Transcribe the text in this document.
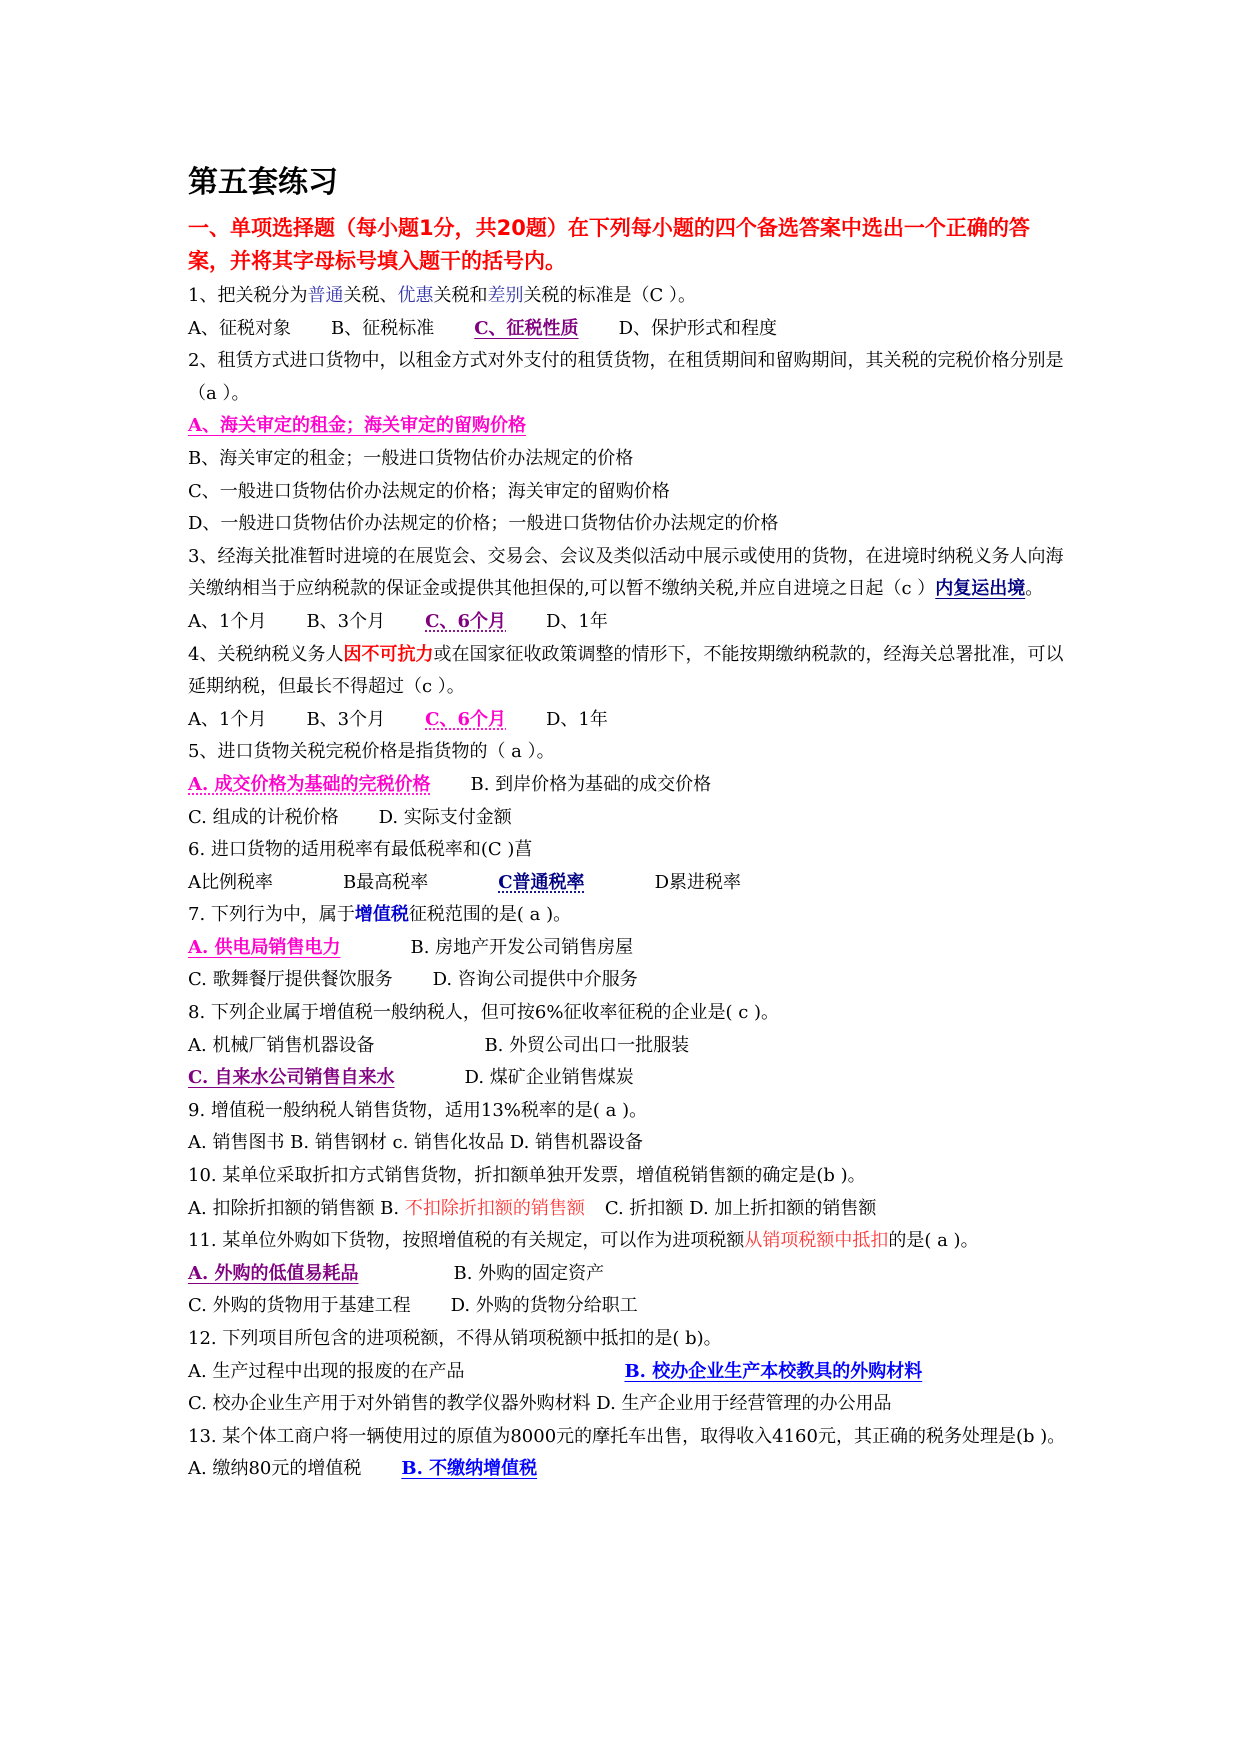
第五套练习
一、单项选择题（每小题1分，共20题）在下列每小题的四个备选答案中选出一个正确的答案，并将其字母标号填入题干的括号内。
1、把关税分为普通关税、优惠关税和差别关税的标准是（C ）。
A、征税对象 B、征税标准 C、征税性质 D、保护形式和程度
2、租赁方式进口货物中，以租金方式对外支付的租赁货物，在租赁期间和留购期间，其关税的完税价格分别是（a ）。
A、海关审定的租金；海关审定的留购价格
B、海关审定的租金；一般进口货物估价办法规定的价格
C、一般进口货物估价办法规定的价格；海关审定的留购价格
D、一般进口货物估价办法规定的价格；一般进口货物估价办法规定的价格
3、经海关批准暂时进境的在展览会、交易会、会议及类似活动中展示或使用的货物，在进境时纳税义务人向海关缴纳相当于应纳税款的保证金或提供其他担保的,可以暂不缴纳关税,并应自进境之日起（c ）内复运出境。
A、1个月 B、3个月 C、6个月 D、1年
4、关税纳税义务人因不可抗力或在国家征收政策调整的情形下，不能按期缴纳税款的，经海关总署批准，可以延期纳税，但最长不得超过（c ）。
A、1个月 B、3个月 C、6个月 D、1年
5、进口货物关税完税价格是指货物的（ a ）。
A. 成交价格为基础的完税价格 B. 到岸价格为基础的成交价格
C. 组成的计税价格 D. 实际支付金额
6. 进口货物的适用税率有最低税率和(C )菖
A比例税率	B最高税率	C普通税率	D累进税率
7. 下列行为中，属于增值税征税范围的是( a )。
A. 供电局销售电力	B. 房地产开发公司销售房屋
C. 歌舞餐厅提供餐饮服务 D. 咨询公司提供中介服务
8. 下列企业属于增值税一般纳税人，但可按6%征收率征税的企业是( c )。
A. 机械厂销售机器设备	B. 外贸公司出口一批服装
C. 自来水公司销售自来水	D. 煤矿企业销售煤炭
9. 增值税一般纳税人销售货物，适用13%税率的是( a )。
A. 销售图书 B. 销售钢材 c. 销售化妆品 D. 销售机器设备
10. 某单位采取折扣方式销售货物，折扣额单独开发票，增值税销售额的确定是(b )。
A. 扣除折扣额的销售额 B. 不扣除折扣额的销售额 C. 折扣额 D. 加上折扣额的销售额
11. 某单位外购如下货物，按照增值税的有关规定，可以作为进项税额从销项税额中抵扣的是( a )。
A. 外购的低值易耗品	B. 外购的固定资产
C. 外购的货物用于基建工程 D. 外购的货物分给职工
12. 下列项目所包含的进项税额，不得从销项税额中抵扣的是( b)。
A. 生产过程中出现的报废的在产品	B. 校办企业生产本校教具的外购材料
C. 校办企业生产用于对外销售的教学仪器外购材料 D. 生产企业用于经营管理的办公用品
13. 某个体工商户将一辆使用过的原值为8000元的摩托车出售，取得收入4160元，其正确的税务处理是(b )。
A. 缴纳80元的增值税 B. 不缴纳增值税
